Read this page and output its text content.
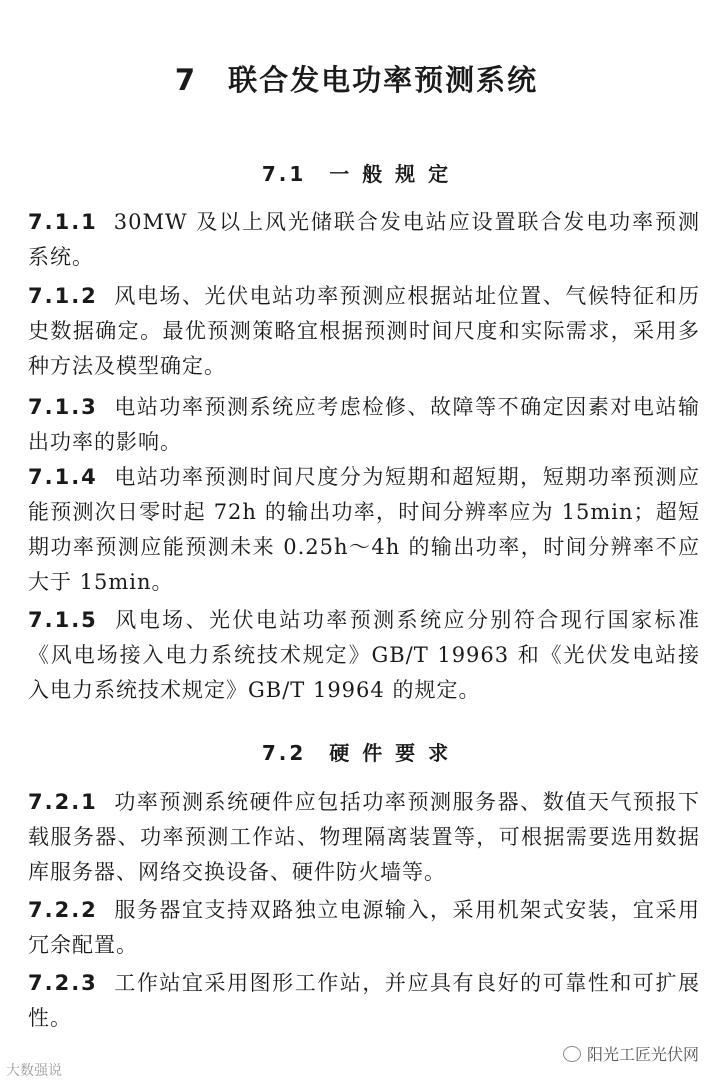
7　联合发电功率预测系统
7.1　一 般 规 定

7.1.1 30MW 及以上风光储联合发电站应设置联合发电功率预测系统。

7.1.2 风电场、光伏电站功率预测应根据站址位置、气候特征和历史数据确定。最优预测策略宜根据预测时间尺度和实际需求，采用多种方法及模型确定。

7.1.3 电站功率预测系统应考虑检修、故障等不确定因素对电站输出功率的影响。

7.1.4 电站功率预测时间尺度分为短期和超短期，短期功率预测应能预测次日零时起 72h 的输出功率，时间分辨率应为 15min；超短期功率预测应能预测未来 0.25h～4h 的输出功率，时间分辨率不应大于 15min。

7.1.5 风电场、光伏电站功率预测系统应分别符合现行国家标准《风电场接入电力系统技术规定》GB/T 19963 和《光伏发电站接入电力系统技术规定》GB/T 19964 的规定。

7.2　硬 件 要 求

7.2.1 功率预测系统硬件应包括功率预测服务器、数值天气预报下载服务器、功率预测工作站、物理隔离装置等，可根据需要选用数据库服务器、网络交换设备、硬件防火墙等。

7.2.2 服务器宜支持双路独立电源输入，采用机架式安装，宜采用冗余配置。

7.2.3 工作站宜采用图形工作站，并应具有良好的可靠性和可扩展性。

大数强说
阳光工匠光伏网
